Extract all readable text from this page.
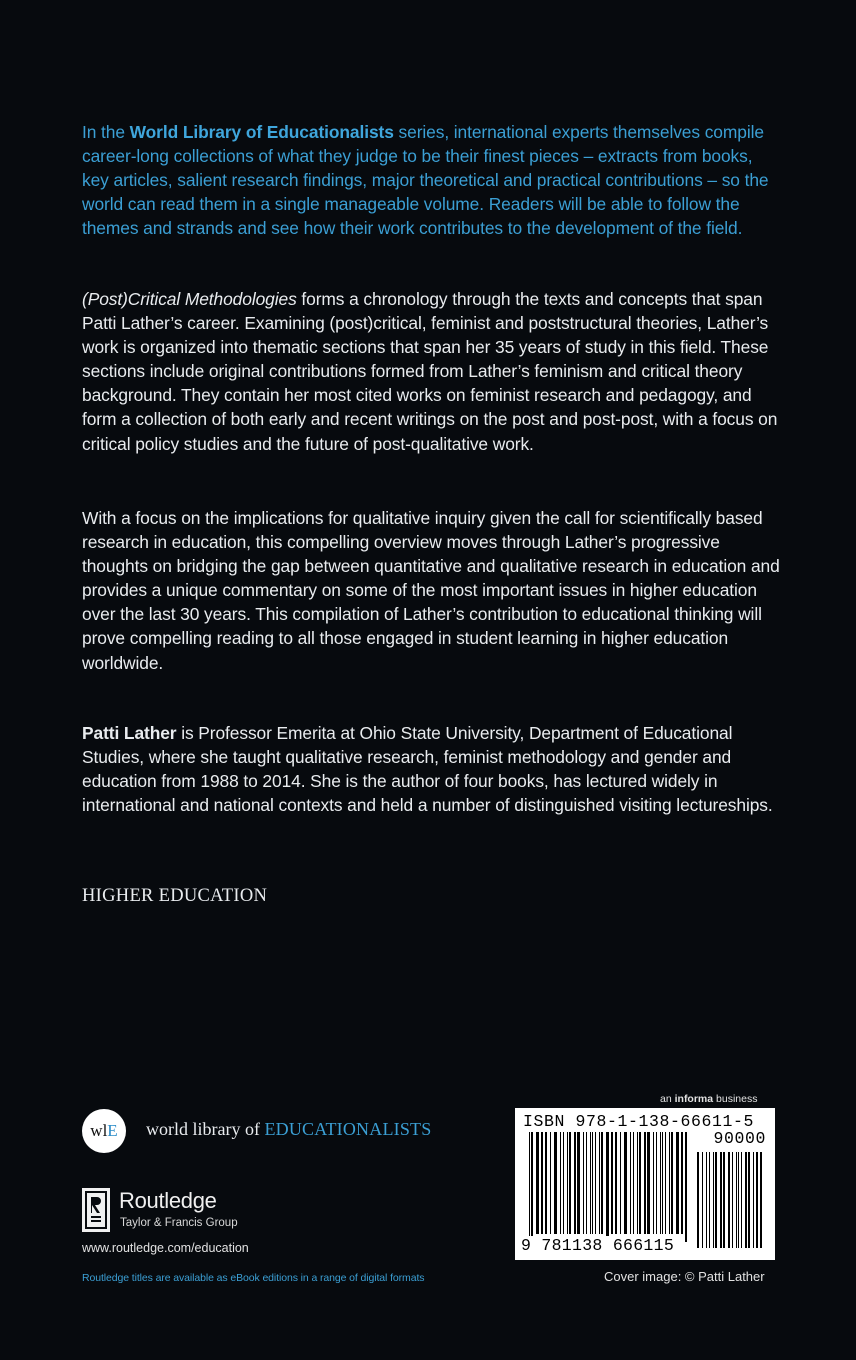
In the World Library of Educationalists series, international experts themselves compile career-long collections of what they judge to be their finest pieces – extracts from books, key articles, salient research findings, major theoretical and practical contributions – so the world can read them in a single manageable volume. Readers will be able to follow the themes and strands and see how their work contributes to the development of the field.

(Post)Critical Methodologies forms a chronology through the texts and concepts that span Patti Lather’s career. Examining (post)critical, feminist and poststructural theories, Lather’s work is organized into thematic sections that span her 35 years of study in this field. These sections include original contributions formed from Lather’s feminism and critical theory background. They contain her most cited works on feminist research and pedagogy, and form a collection of both early and recent writings on the post and post-post, with a focus on critical policy studies and the future of post-qualitative work.

With a focus on the implications for qualitative inquiry given the call for scientifically based research in education, this compelling overview moves through Lather’s progressive thoughts on bridging the gap between quantitative and qualitative research in education and provides a unique commentary on some of the most important issues in higher education over the last 30 years. This compilation of Lather’s contribution to educational thinking will prove compelling reading to all those engaged in student learning in higher education worldwide.

Patti Lather is Professor Emerita at Ohio State University, Department of Educational Studies, where she taught qualitative research, feminist methodology and gender and education from 1988 to 2014. She is the author of four books, has lectured widely in international and national contexts and held a number of distinguished visiting lectureships.

HIGHER EDUCATION
wl E world library of EDUCATIONALISTS
Routledge
Taylor & Francis Group
www.routledge.com/education
Routledge titles are available as eBook editions in a range of digital formats
an informa business
ISBN 978-1-138-66611-5
90000
9 781138 666115
Cover image: © Patti Lather
